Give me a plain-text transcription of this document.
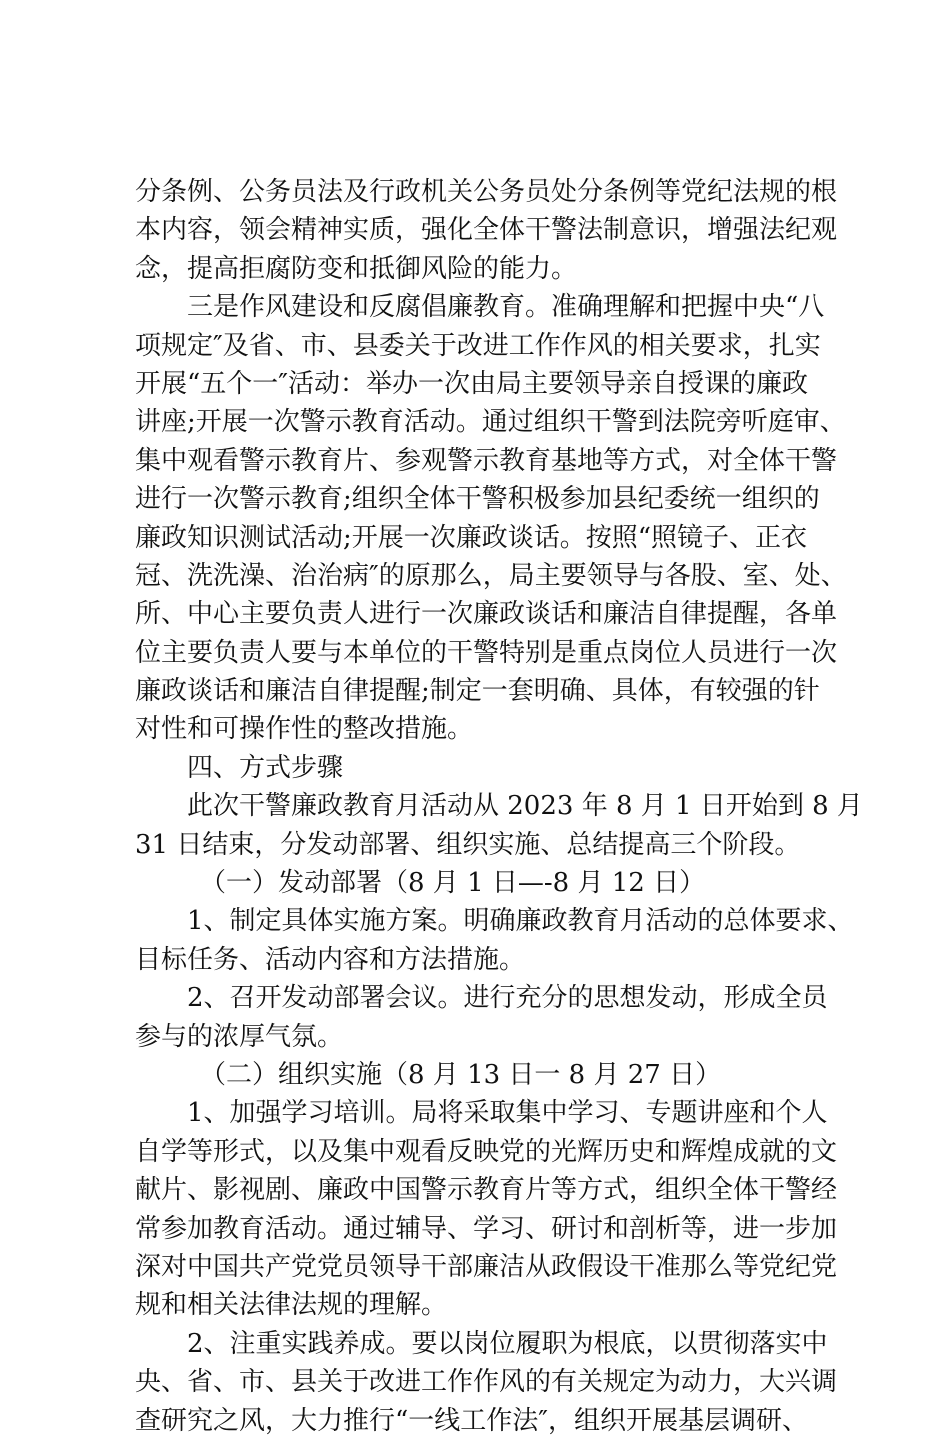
分条例、公务员法及行政机关公务员处分条例等党纪法规的根
本内容，领会精神实质，强化全体干警法制意识，增强法纪观
念，提高拒腐防变和抵御风险的能力。
　　三是作风建设和反腐倡廉教育。准确理解和把握中央“八
项规定″及省、市、县委关于改进工作作风的相关要求，扎实
开展“五个一″活动：举办一次由局主要领导亲自授课的廉政
讲座;开展一次警示教育活动。通过组织干警到法院旁听庭审、
集中观看警示教育片、参观警示教育基地等方式，对全体干警
进行一次警示教育;组织全体干警积极参加县纪委统一组织的
廉政知识测试活动;开展一次廉政谈话。按照“照镜子、正衣
冠、洗洗澡、治治病″的原那么，局主要领导与各股、室、处、
所、中心主要负责人进行一次廉政谈话和廉洁自律提醒，各单
位主要负责人要与本单位的干警特别是重点岗位人员进行一次
廉政谈话和廉洁自律提醒;制定一套明确、具体，有较强的针
对性和可操作性的整改措施。
　　四、方式步骤
　　此次干警廉政教育月活动从 2023 年 8 月 1 日开始到 8 月
31 日结束，分发动部署、组织实施、总结提高三个阶段。
　　　（一）发动部署（8 月 1 日—-8 月 12 日）
　　1、制定具体实施方案。明确廉政教育月活动的总体要求、
目标任务、活动内容和方法措施。
　　2、召开发动部署会议。进行充分的思想发动，形成全员
参与的浓厚气氛。
　　　（二）组织实施（8 月 13 日一 8 月 27 日）
　　1、加强学习培训。局将采取集中学习、专题讲座和个人
自学等形式，以及集中观看反映党的光辉历史和辉煌成就的文
献片、影视剧、廉政中国警示教育片等方式，组织全体干警经
常参加教育活动。通过辅导、学习、研讨和剖析等，进一步加
深对中国共产党党员领导干部廉洁从政假设干准那么等党纪党
规和相关法律法规的理解。
　　2、注重实践养成。要以岗位履职为根底，以贯彻落实中
央、省、市、县关于改进工作作风的有关规定为动力，大兴调
查研究之风，大力推行“一线工作法″，组织开展基层调研、
